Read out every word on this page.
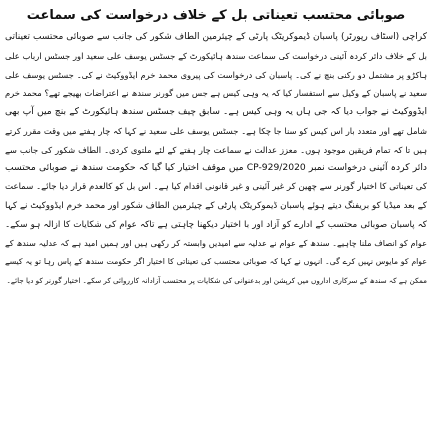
صوبائی محتسب تعیناتی بل کے خلاف درخواست کی سماعت
کراچی (اسٹاف رپورٹر) پاسبان ڈیموکریٹک پارٹی کے چیئرمین الطاف شکور کی جانب سے صوبائی محتسب تعیناتی
بل کے خلاف دائر کردہ آئینی درخواست کی سماعت سندھ ہائیکورٹ کے جسٹس یوسف علی سعید اور جسٹس ارباب علی
ہاکڑو پر مشتمل دو رکنی بنچ نے کی۔ پاسبان کی درخواست کی پیروی محمد خرم ایڈووکیٹ نے کی۔ جسٹس یوسف علی
سعید نے پاسبان کے وکیل سے استفسار کیا کہ یہ وہی کیس ہے جس میں گورنر سندھ نے اعتراضات بھیجے تھے؟ محمد خرم
ایڈووکیٹ نے جواب دیا کہ جی ہاں یہ وہی کیس ہے۔ سابق چیف جسٹس سندھ ہائیکورٹ کے بنچ میں آپ بھی
شامل تھے اور متعدد بار اس کیس کو سنا جا چکا ہے۔ جسٹس یوسف علی سعید نے کہا کہ چار ہفتے میں وقت مقرر کرتے
ہیں تا کہ تمام فریقین موجود ہوں۔ معزز عدالت نے سماعت چار ہفتے کے لئے ملتوی کردی۔ الطاف شکور کی جانب سے
دائر کردہ آئینی درخواست نمبر CP-929/2020 میں موقف اختیار کیا گیا کہ حکومت سندھ نے صوبائی محتسب
کی تعیناتی کا اختیار گورنر سے چھین کر غیر آئینی و غیر قانونی اقدام کیا ہے۔ اس بل کو کالعدم قرار دیا جائے۔ سماعت
کے بعد میڈیا کو بریفنگ دیتے ہوئے پاسبان ڈیموکریٹک پارٹی کے چیئرمین الطاف شکور اور محمد خرم ایڈووکیٹ نے کہا
کہ پاسبان صوبائی محتسب کے ادارے کو آزاد اور با اختیار دیکھنا چاہتی ہے تاکہ عوام کی شکایات کا ازالہ ہو سکے۔
عوام کو انصاف ملنا چاہیے۔ سندھ کے عوام نے عدلیہ سے امیدیں وابستہ کر رکھی ہیں اور ہمیں امید ہے کہ عدلیہ سندھ کے
عوام کو مایوس نہیں کرے گی۔ انہوں نے کہا کہ صوبائی محتسب کی تعیناتی کا اختیار اگر حکومت سندھ کے پاس رہا تو یہ کیسے
ممکن ہے کہ سندھ کے سرکاری اداروں میں کرپشن اور بدعنوانی کی شکایات پر محتسب آزادانہ کارروائی کر سکے۔ اختیار گورنر کو دیا جائے۔
